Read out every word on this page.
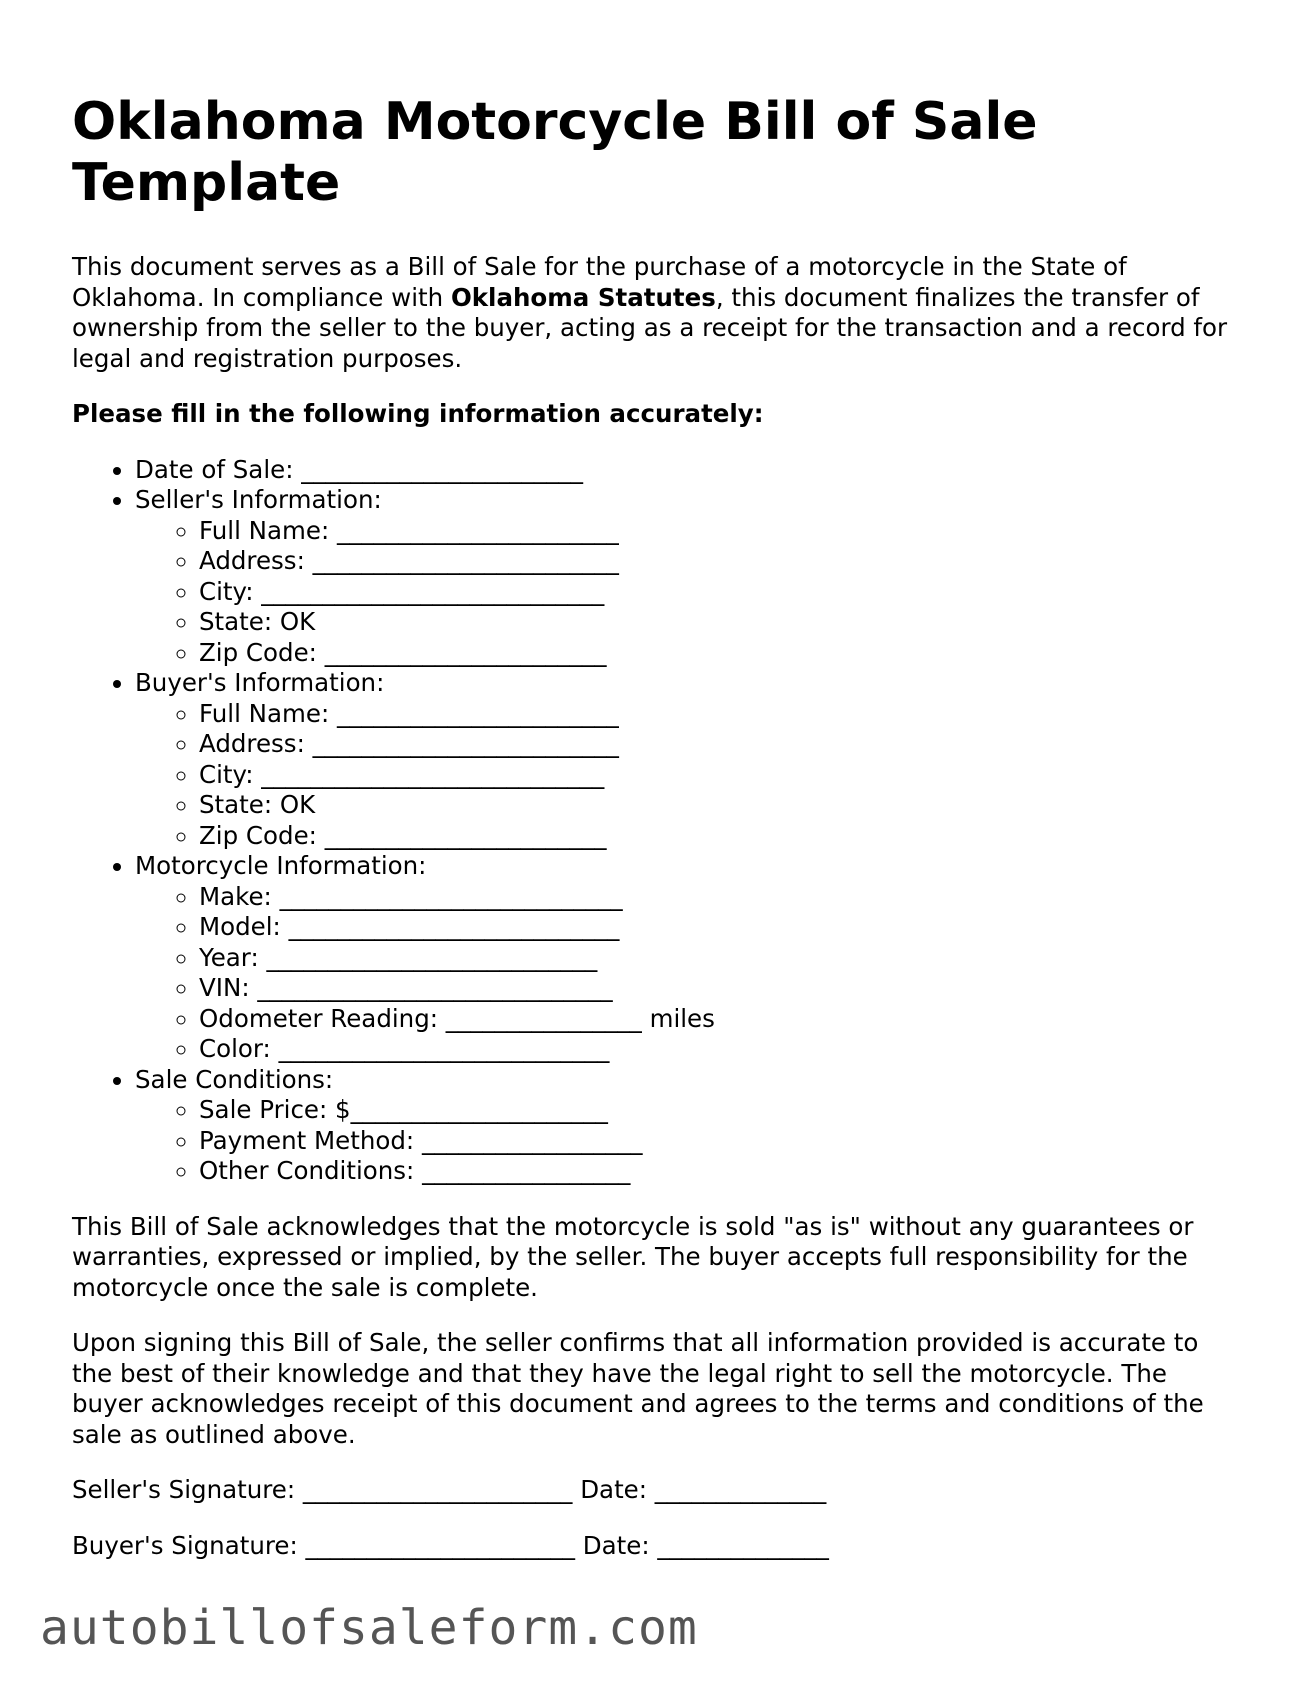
Oklahoma Motorcycle Bill of Sale Template

This document serves as a Bill of Sale for the purchase of a motorcycle in the State of Oklahoma. In compliance with Oklahoma Statutes, this document finalizes the transfer of ownership from the seller to the buyer, acting as a receipt for the transaction and a record for legal and registration purposes.

Please fill in the following information accurately:

• Date of Sale: _______________________
• Seller's Information:
◦ Full Name: _______________________
◦ Address: _________________________
◦ City: ____________________________
◦ State: OK
◦ Zip Code: _______________________
• Buyer's Information:
◦ Full Name: _______________________
◦ Address: _________________________
◦ City: ____________________________
◦ State: OK
◦ Zip Code: _______________________
• Motorcycle Information:
◦ Make: ____________________________
◦ Model: ___________________________
◦ Year: ___________________________
◦ VIN: _____________________________
◦ Odometer Reading: ________________ miles
◦ Color: ___________________________
• Sale Conditions:
◦ Sale Price: $_____________________
◦ Payment Method: __________________
◦ Other Conditions: _________________

This Bill of Sale acknowledges that the motorcycle is sold "as is" without any guarantees or warranties, expressed or implied, by the seller. The buyer accepts full responsibility for the motorcycle once the sale is complete.

Upon signing this Bill of Sale, the seller confirms that all information provided is accurate to the best of their knowledge and that they have the legal right to sell the motorcycle. The buyer acknowledges receipt of this document and agrees to the terms and conditions of the sale as outlined above.

Seller's Signature: ______________________ Date: ______________

Buyer's Signature: ______________________ Date: ______________

autobillofsaleform.com
